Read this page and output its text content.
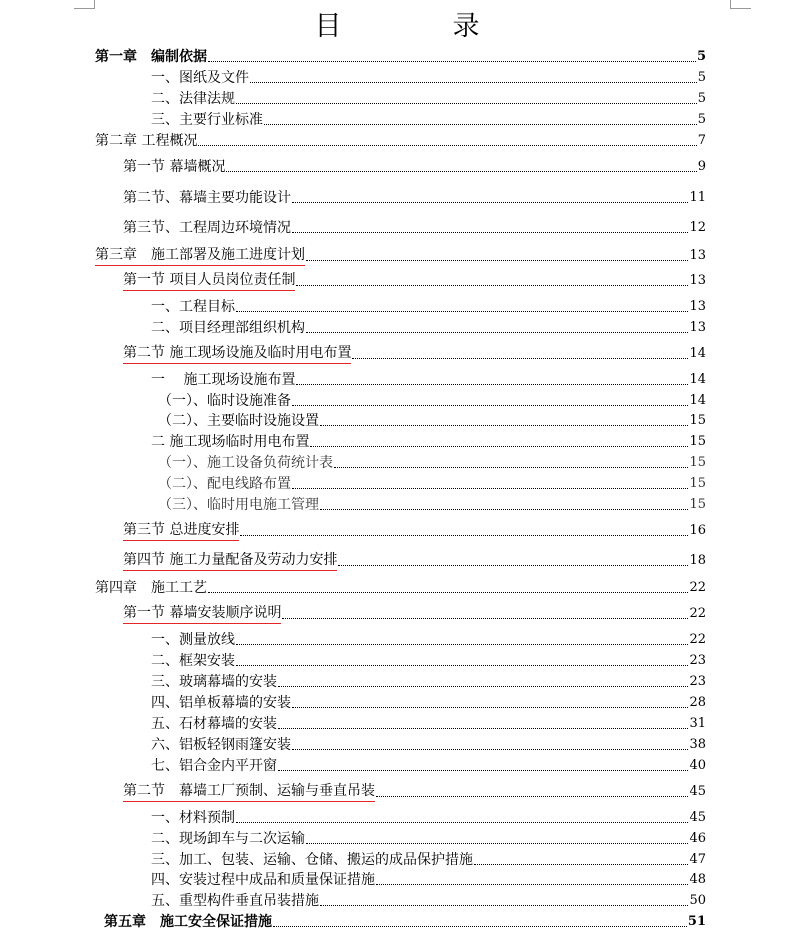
目　录
第一章　编制依据	5
一、图纸及文件	5
二、法律法规	5
三、主要行业标准	5
第二章 工程概况	7
第一节 幕墙概况	9
第二节、幕墙主要功能设计	11
第三节、工程周边环境情况	12
第三章　施工部署及施工进度计划	13
第一节 项目人员岗位责任制	13
一、工程目标	13
二、项目经理部组织机构	13
第二节 施工现场设施及临时用电布置	14
一　 施工现场设施布置	14
（一）、临时设施准备	14
（二）、主要临时设施设置	15
二 施工现场临时用电布置	15
（一）、施工设备负荷统计表	15
（二）、配电线路布置	15
（三）、临时用电施工管理	15
第三节 总进度安排	16
第四节 施工力量配备及劳动力安排	18
第四章　施工工艺	22
第一节 幕墙安装顺序说明	22
一、测量放线	22
二、框架安装	23
三、玻璃幕墙的安装	23
四、铝单板幕墙的安装	28
五、石材幕墙的安装	31
六、铝板轻钢雨篷安装	38
七、铝合金内平开窗	40
第二节　幕墙工厂预制、运输与垂直吊装	45
一、材料预制	45
二、现场卸车与二次运输	46
三、加工、包装、运输、仓储、搬运的成品保护措施	47
四、安装过程中成品和质量保证措施	48
五、重型构件垂直吊装措施	50
第五章　施工安全保证措施	51
